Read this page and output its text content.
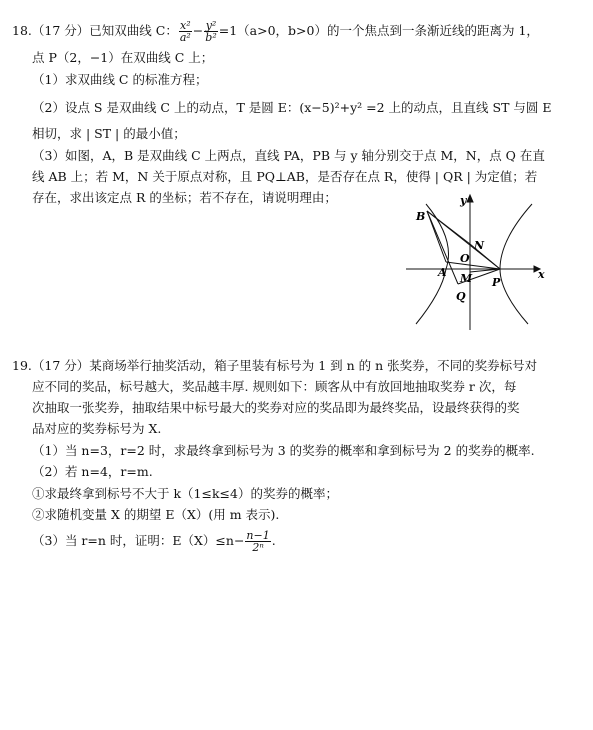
18.（17 分）已知双曲线 C： $\frac{\text{x²}}{\text{a²}} - \frac{\text{y²}}{\text{b²}} =1(a>0$，b>0）的一个焦点到一条渐近线的距离为 1，
点 P（2，−1）在双曲线 C 上；
（1）求双曲线 C 的标准方程；
（2）设点 S 是双曲线 C 上的动点，T 是圆 E：(x−5)²+y² =2 上的动点，且直线 ST 与圆 E
相切，求 | ST | 的最小值；
（3）如图，A，B 是双曲线 C 上两点，直线 PA，PB 与 y 轴分别交于点 M，N，点 Q 在直
线 AB 上；若 M，N 关于原点对称，且 PQ⊥AB，是否存在点 R，使得 | QR | 为定值；若
存在，求出该定点 R 的坐标；若不存在，请说明理由；
B
y
N
O
A M P
Q
x
19.（17 分）某商场举行抽奖活动，箱子里装有标号为 1 到 n 的 n 张奖券，不同的奖券标号对
应不同的奖品，标号越大，奖品越丰厚. 规则如下：顾客从中有放回地抽取奖券 r 次，每
次抽取一张奖券，抽取结果中标号最大的奖券对应的奖品即为最终奖品，设最终获得的奖
品对应的奖券标号为 X.
（1）当 n=3，r=2 时，求最终拿到标号为 3 的奖券的概率和拿到标号为 2 的奖券的概率.
（2）若 n=4，r=m.
①求最终拿到标号不大于 k（1≤k≤4）的奖券的概率；
②求随机变量 X 的期望 E（X）(用 m 表示).
（3）当 r=n 时，证明：$E(X)\le n- \frac{n-1}{\text{2ⁿ}}$ .
